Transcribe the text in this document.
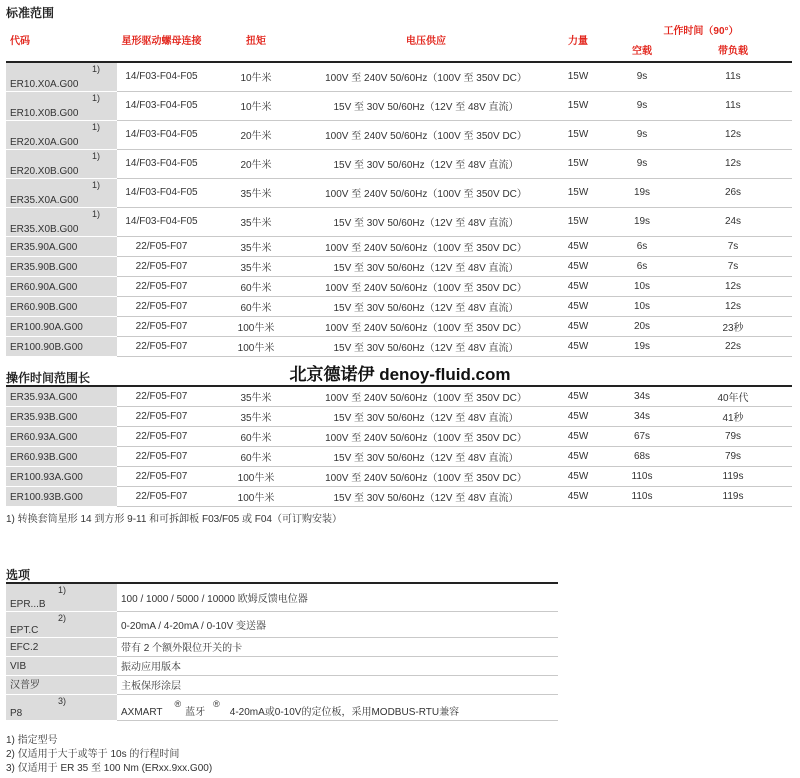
标准范围
代码	星形驱动螺母连接	扭矩	电压供应	力量	工作时间（90°）	
					空载	带负载

1)
ER10.X0A.G00	14/F03-F04-F05	10牛米	100V 至 240V 50/60Hz（100V 至 350V DC）	15W	9s	11s

1)
ER10.X0B.G00	14/F03-F04-F05	10牛米	15V 至 30V 50/60Hz（12V 至 48V 直流）	15W	9s	11s

1)
ER20.X0A.G00	14/F03-F04-F05	20牛米	100V 至 240V 50/60Hz（100V 至 350V DC）	15W	9s	12s

1)
ER20.X0B.G00	14/F03-F04-F05	20牛米	15V 至 30V 50/60Hz（12V 至 48V 直流）	15W	9s	12s

1)
ER35.X0A.G00	14/F03-F04-F05	35牛米	100V 至 240V 50/60Hz（100V 至 350V DC）	15W	19s	26s

1)
ER35.X0B.G00	14/F03-F04-F05	35牛米	15V 至 30V 50/60Hz（12V 至 48V 直流）	15W	19s	24s

ER35.90A.G00	22/F05-F07	35牛米	100V 至 240V 50/60Hz（100V 至 350V DC）	45W	6s	7s

ER35.90B.G00	22/F05-F07	35牛米	15V 至 30V 50/60Hz（12V 至 48V 直流）	45W	6s	7s

ER60.90A.G00	22/F05-F07	60牛米	100V 至 240V 50/60Hz（100V 至 350V DC）	45W	10s	12s

ER60.90B.G00	22/F05-F07	60牛米	15V 至 30V 50/60Hz（12V 至 48V 直流）	45W	10s	12s

ER100.90A.G00	22/F05-F07	100牛米	100V 至 240V 50/60Hz（100V 至 350V DC）	45W	20s	23秒

ER100.90B.G00	22/F05-F07	100牛米	15V 至 30V 50/60Hz（12V 至 48V 直流）	45W	19s	22s
北京德诺伊 denoy-fluid.com
操作时间范围长
ER35.93A.G00	22/F05-F07	35牛米	100V 至 240V 50/60Hz（100V 至 350V DC）	45W	34s	40年代

ER35.93B.G00	22/F05-F07	35牛米	15V 至 30V 50/60Hz（12V 至 48V 直流）	45W	34s	41秒

ER60.93A.G00	22/F05-F07	60牛米	100V 至 240V 50/60Hz（100V 至 350V DC）	45W	67s	79s

ER60.93B.G00	22/F05-F07	60牛米	15V 至 30V 50/60Hz（12V 至 48V 直流）	45W	68s	79s

ER100.93A.G00	22/F05-F07	100牛米	100V 至 240V 50/60Hz（100V 至 350V DC）	45W	110s	119s

ER100.93B.G00	22/F05-F07	100牛米	15V 至 30V 50/60Hz（12V 至 48V 直流）	45W	110s	119s
1) 转换套筒星形 14 到方形 9-11 和可拆卸板 F03/F05 或 F04（可订购安装）
选项
1)
EPR...B	100 / 1000 / 5000 / 10000 欧姆反馈电位器

2)
EPT.C	0-20mA / 4-20mA / 0-10V 变送器

EFC.2	带有 2 个额外限位开关的卡

VIB	振动应用版本

汉普罗	主板保形涂层

3)
P8	AXMART®蓝牙®4-20mA或0-10V的定位板，采用MODBUS-RTU兼容
1) 指定型号
2) 仅适用于大于或等于 10s 的行程时间
3) 仅适用于 ER 35 至 100 Nm (ERxx.9xx.G00)
